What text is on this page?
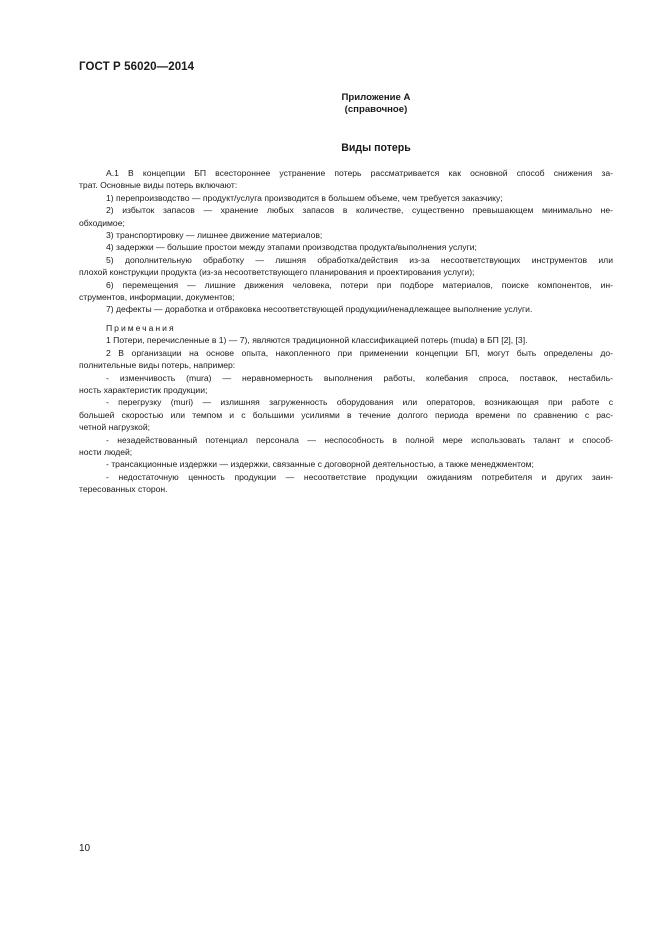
ГОСТ Р 56020—2014
Приложение А
(справочное)
Виды потерь

А.1 В концепции БП всестороннее устранение потерь рассматривается как основной способ снижения за-

трат. Основные виды потерь включают:

1) перепроизводство — продукт/услуга производится в большем объеме, чем требуется заказчику;

2) избыток запасов — хранение любых запасов в количестве, существенно превышающем минимально не-

обходимое;

3) транспортировку — лишнее движение материалов;

4) задержки — большие простои между этапами производства продукта/выполнения услуги;

5) дополнительную обработку — лишняя обработка/действия из-за несоответствующих инструментов или

плохой конструкции продукта (из-за несоответствующего планирования и проектирования услуги);

6) перемещения — лишние движения человека, потери при подборе материалов, поиске компонентов, ин-

струментов, информации, документов;

7) дефекты — доработка и отбраковка несоответствующей продукции/ненадлежащее выполнение услуги.

Примечания

1 Потери, перечисленные в 1) — 7), являются традиционной классификацией потерь (muda) в БП [2], [3].

2 В организации на основе опыта, накопленного при применении концепции БП, могут быть определены до-

полнительные виды потерь, например:

- изменчивость (mura) — неравномерность выполнения работы, колебания спроса, поставок, нестабиль-

ность характеристик продукции;

- перегрузку (muri) — излишняя загруженность оборудования или операторов, возникающая при работе с

большей скоростью или темпом и с большими усилиями в течение долгого периода времени по сравнению с рас-

четной нагрузкой;

- незадействованный потенциал персонала — неспособность в полной мере использовать талант и способ-

ности людей;

- трансакционные издержки — издержки, связанные с договорной деятельностью, а также менеджментом;

- недостаточную ценность продукции — несоответствие продукции ожиданиям потребителя и других заин-

тересованных сторон.

10
